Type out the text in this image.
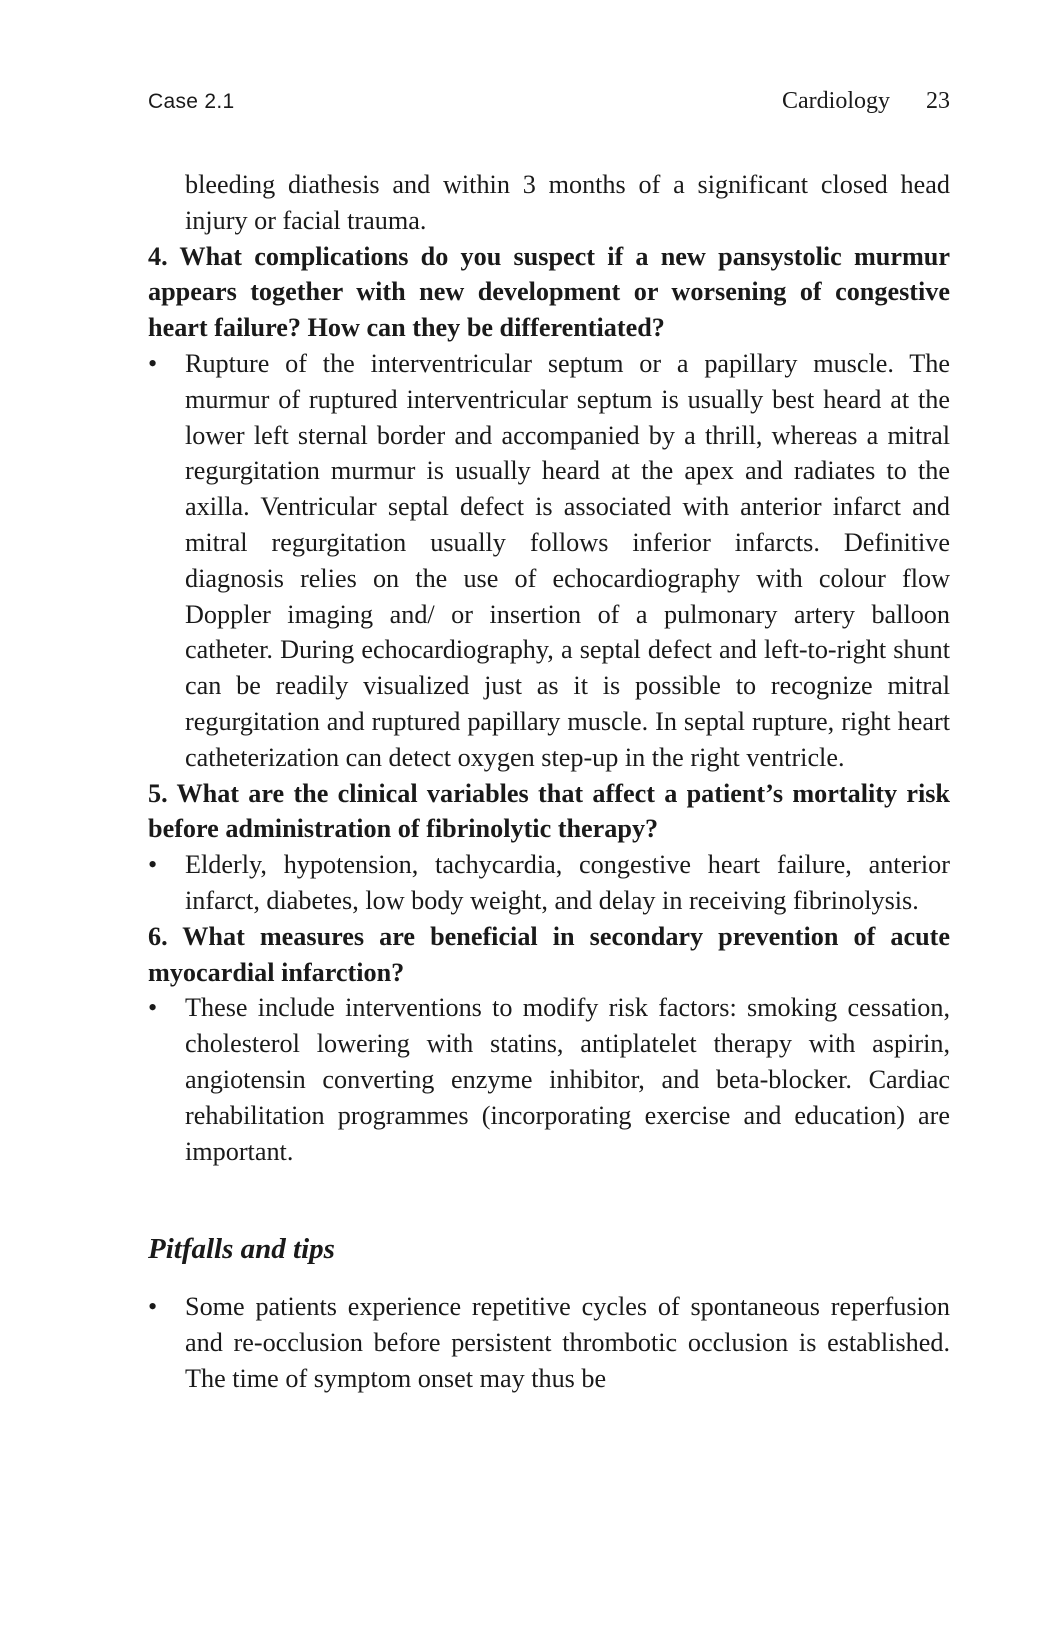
Case 2.1	Cardiology 23

bleeding diathesis and within 3 months of a significant closed head injury or facial trauma.

4. What complications do you suspect if a new pansystolic murmur appears together with new development or worsening of congestive heart failure? How can they be differentiated?

•	Rupture of the interventricular septum or a papillary muscle. The murmur of ruptured interventricular septum is usually best heard at the lower left sternal border and accompanied by a thrill, whereas a mitral regurgitation murmur is usually heard at the apex and radiates to the axilla. Ventricular septal defect is associated with anterior infarct and mitral regurgitation usually follows inferior infarcts. Definitive diagnosis relies on the use of echocardiography with colour flow Doppler imaging and/ or insertion of a pulmonary artery balloon catheter. During echocardiography, a septal defect and left-to-right shunt can be readily visualized just as it is possible to recognize mitral regurgitation and ruptured papillary muscle. In septal rupture, right heart catheterization can detect oxygen step-up in the right ventricle.

5. What are the clinical variables that affect a patient’s mortality risk before administration of fibrinolytic therapy?

•	Elderly, hypotension, tachycardia, congestive heart failure, anterior infarct, diabetes, low body weight, and delay in receiving fibrinolysis.

6. What measures are beneficial in secondary prevention of acute myocardial infarction?

•	These include interventions to modify risk factors: smoking cessation, cholesterol lowering with statins, antiplatelet therapy with aspirin, angiotensin converting enzyme inhibitor, and beta-blocker. Cardiac rehabilitation programmes (incorporating exercise and education) are important.

Pitfalls and tips

•	Some patients experience repetitive cycles of spontaneous reperfusion and re-occlusion before persistent thrombotic occlusion is established. The time of symptom onset may thus be
